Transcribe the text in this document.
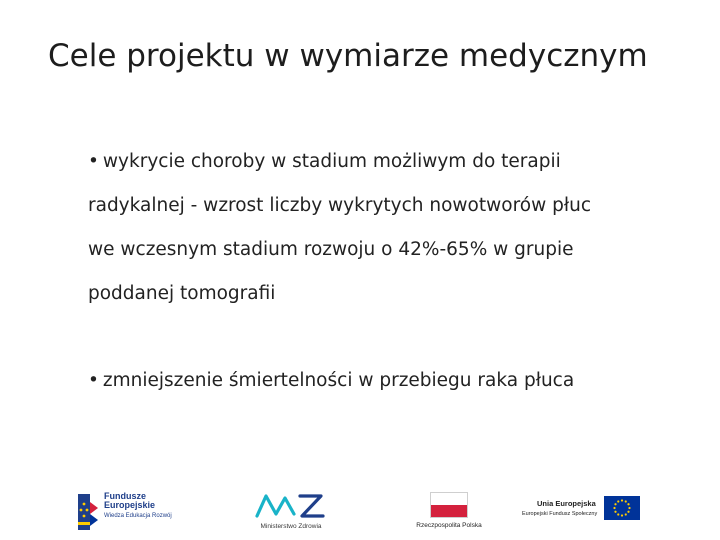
Cele projektu w wymiarze medycznym
• wykrycie choroby w stadium możliwym do terapii
radykalnej - wzrost liczby wykrytych nowotworów płuc
we wczesnym stadium rozwoju o 42%-65% w grupie
poddanej tomografii
• zmniejszenie śmiertelności w przebiegu raka płuca
Fundusze
Europejskie
Wiedza Edukacja Rozwój
Ministerstwo Zdrowia	Rzeczpospolita Polska
Unia Europejska
Europejski Fundusz Społeczny
